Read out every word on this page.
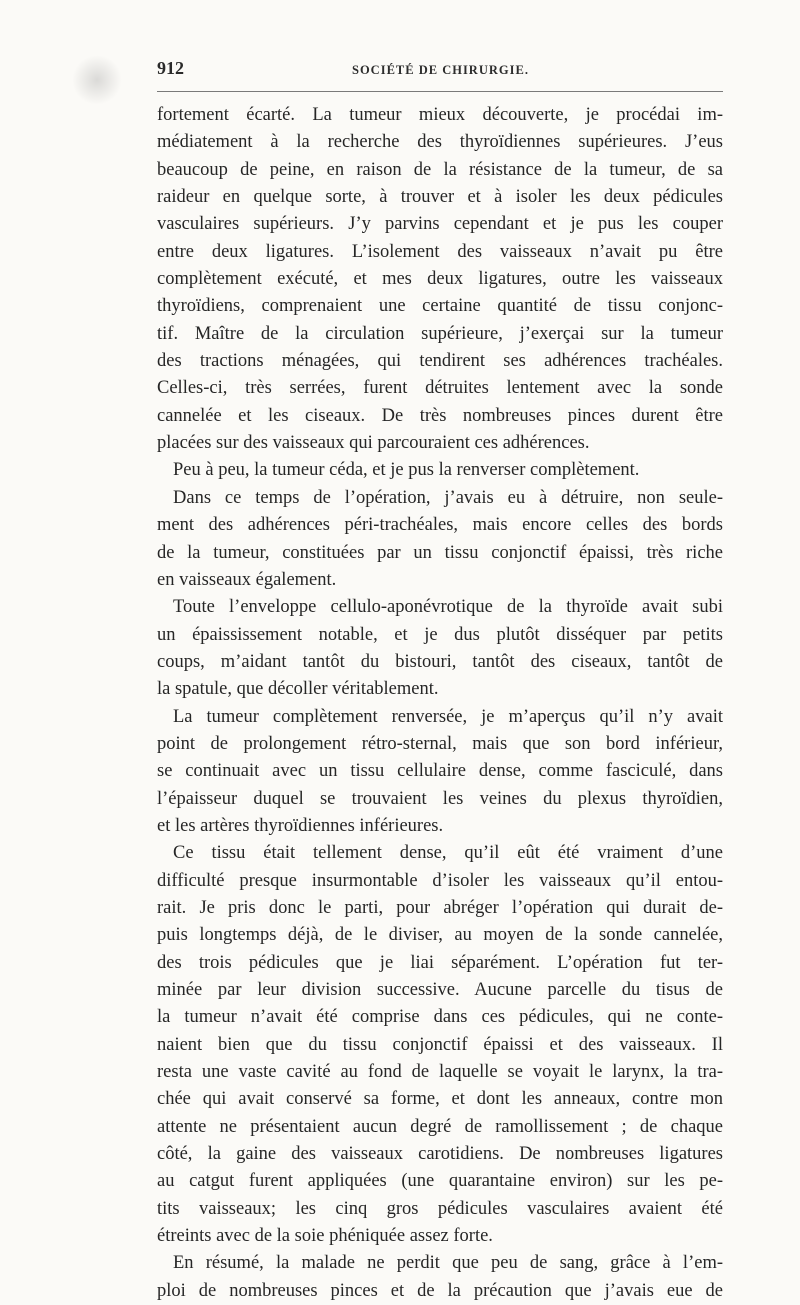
912	SOCIÉTÉ DE CHIRURGIE.
fortement écarté. La tumeur mieux découverte, je procédai im-
médiatement à la recherche des thyroïdiennes supérieures. J’eus
beaucoup de peine, en raison de la résistance de la tumeur, de sa
raideur en quelque sorte, à trouver et à isoler les deux pédicules
vasculaires supérieurs. J’y parvins cependant et je pus les couper
entre deux ligatures. L’isolement des vaisseaux n’avait pu être
complètement exécuté, et mes deux ligatures, outre les vaisseaux
thyroïdiens, comprenaient une certaine quantité de tissu conjonc-
tif. Maître de la circulation supérieure, j’exerçai sur la tumeur
des tractions ménagées, qui tendirent ses adhérences trachéales.
Celles-ci, très serrées, furent détruites lentement avec la sonde
cannelée et les ciseaux. De très nombreuses pinces durent être
placées sur des vaisseaux qui parcouraient ces adhérences.
Peu à peu, la tumeur céda, et je pus la renverser complètement.
Dans ce temps de l’opération, j’avais eu à détruire, non seule-
ment des adhérences péri-trachéales, mais encore celles des bords
de la tumeur, constituées par un tissu conjonctif épaissi, très riche
en vaisseaux également.
Toute l’enveloppe cellulo-aponévrotique de la thyroïde avait subi
un épaississement notable, et je dus plutôt disséquer par petits
coups, m’aidant tantôt du bistouri, tantôt des ciseaux, tantôt de
la spatule, que décoller véritablement.
La tumeur complètement renversée, je m’aperçus qu’il n’y avait
point de prolongement rétro-sternal, mais que son bord inférieur,
se continuait avec un tissu cellulaire dense, comme fasciculé, dans
l’épaisseur duquel se trouvaient les veines du plexus thyroïdien,
et les artères thyroïdiennes inférieures.
Ce tissu était tellement dense, qu’il eût été vraiment d’une
difficulté presque insurmontable d’isoler les vaisseaux qu’il entou-
rait. Je pris donc le parti, pour abréger l’opération qui durait de-
puis longtemps déjà, de le diviser, au moyen de la sonde cannelée,
des trois pédicules que je liai séparément. L’opération fut ter-
minée par leur division successive. Aucune parcelle du tisus de
la tumeur n’avait été comprise dans ces pédicules, qui ne conte-
naient bien que du tissu conjonctif épaissi et des vaisseaux. Il
resta une vaste cavité au fond de laquelle se voyait le larynx, la tra-
chée qui avait conservé sa forme, et dont les anneaux, contre mon
attente ne présentaient aucun degré de ramollissement ; de chaque
côté, la gaine des vaisseaux carotidiens. De nombreuses ligatures
au catgut furent appliquées (une quarantaine environ) sur les pe-
tits vaisseaux; les cinq gros pédicules vasculaires avaient été
étreints avec de la soie phéniquée assez forte.
En résumé, la malade ne perdit que peu de sang, grâce à l’em-
ploi de nombreuses pinces et de la précaution que j’avais eue de
